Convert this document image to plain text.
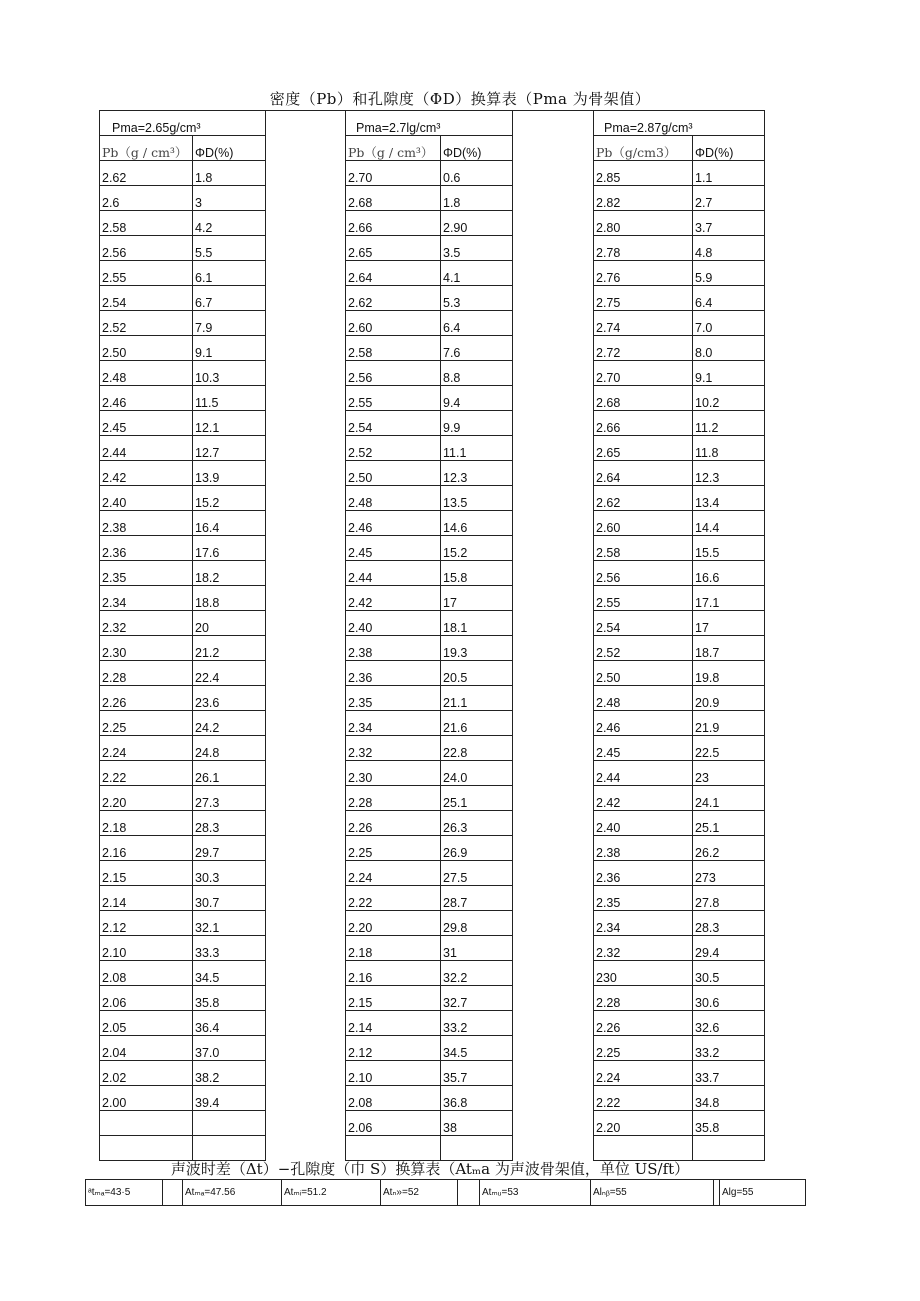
密度（Pb）和孔隙度（ΦD）换算表（Pma 为骨架值）
Pma=2.65g/cm³			Pma=2.7lg/cm³			Pma=2.87g/cm³	
Pb（g / cm³）	ΦD(%)		Pb（g / cm³）	ΦD(%)		Pb（g/cm3）	ΦD(%)
2.62	1.8		2.70	0.6		2.85	1.1
2.6	3		2.68	1.8		2.82	2.7
2.58	4.2		2.66	2.90		2.80	3.7
2.56	5.5		2.65	3.5		2.78	4.8
2.55	6.1		2.64	4.1		2.76	5.9
2.54	6.7		2.62	5.3		2.75	6.4
2.52	7.9		2.60	6.4		2.74	7.0
2.50	9.1		2.58	7.6		2.72	8.0
2.48	10.3		2.56	8.8		2.70	9.1
2.46	11.5		2.55	9.4		2.68	10.2
2.45	12.1		2.54	9.9		2.66	11.2
2.44	12.7		2.52	11.1		2.65	11.8
2.42	13.9		2.50	12.3		2.64	12.3
2.40	15.2		2.48	13.5		2.62	13.4
2.38	16.4		2.46	14.6		2.60	14.4
2.36	17.6		2.45	15.2		2.58	15.5
2.35	18.2		2.44	15.8		2.56	16.6
2.34	18.8		2.42	17		2.55	17.1
2.32	20		2.40	18.1		2.54	17
2.30	21.2		2.38	19.3		2.52	18.7
2.28	22.4		2.36	20.5		2.50	19.8
2.26	23.6		2.35	21.1		2.48	20.9
2.25	24.2		2.34	21.6		2.46	21.9
2.24	24.8		2.32	22.8		2.45	22.5
2.22	26.1		2.30	24.0		2.44	23
2.20	27.3		2.28	25.1		2.42	24.1
2.18	28.3		2.26	26.3		2.40	25.1
2.16	29.7		2.25	26.9		2.38	26.2
2.15	30.3		2.24	27.5		2.36	273
2.14	30.7		2.22	28.7		2.35	27.8
2.12	32.1		2.20	29.8		2.34	28.3
2.10	33.3		2.18	31		2.32	29.4
2.08	34.5		2.16	32.2		230	30.5
2.06	35.8		2.15	32.7		2.28	30.6
2.05	36.4		2.14	33.2		2.26	32.6
2.04	37.0		2.12	34.5		2.25	33.2
2.02	38.2		2.10	35.7		2.24	33.7
2.00	39.4		2.08	36.8		2.22	34.8
			2.06	38		2.20	35.8

声波时差（Δt）−孔隙度（巾 S）换算表（Atₘa 为声波骨架值，单位 US/ft）
ᵃtₘₐ=43·5		Atₘₐ=47.56	Atₘᵢ=51.2	Atₙ»=52		Atₘᵤ=53	Alₙᵦ=55		Alg=55
